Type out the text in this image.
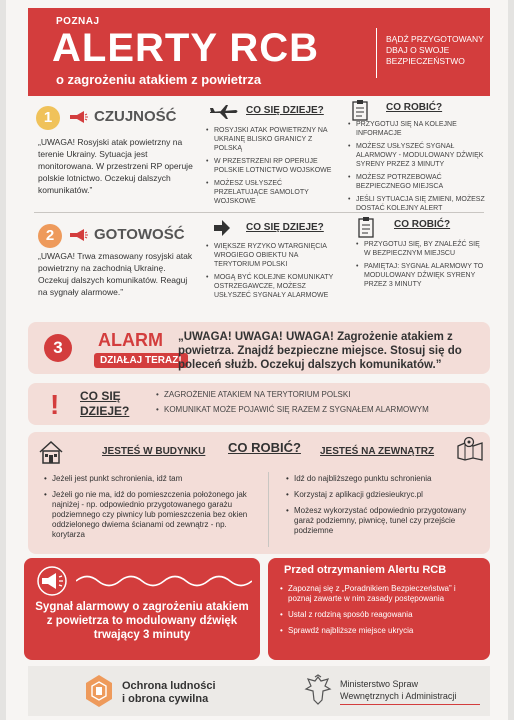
POZNAJ
ALERTY RCB
o zagrożeniu atakiem z powietrza
BĄDŹ PRZYGOTOWANY DBAJ O SWOJE BEZPIECZEŃSTWO
1	CZUJNOŚĆ
„UWAGA! Rosyjski atak powietrzny na terenie Ukrainy. Sytuacja jest monitorowana. W przestrzeni RP operuje polskie lotnictwo. Oczekuj dalszych komunikatów.”
CO SIĘ DZIEJE?
• ROSYJSKI ATAK POWIETRZNY NA UKRAINĘ BLISKO GRANICY Z POLSKĄ
• W PRZESTRZENI RP OPERUJE POLSKIE LOTNICTWO WOJSKOWE
• MOŻESZ USŁYSZEĆ PRZELATUJĄCE SAMOLOTY WOJSKOWE
CO ROBIĆ?
• PRZYGOTUJ SIĘ NA KOLEJNE INFORMACJE
• MOŻESZ USŁYSZEĆ SYGNAŁ ALARMOWY - MODULOWANY DŹWIĘK SYRENY PRZEZ 3 MINUTY
• MOŻESZ POTRZEBOWAĆ BEZPIECZNEGO MIEJSCA
• JEŚLI SYTUACJA SIĘ ZMIENI, MOŻESZ DOSTAĆ KOLEJNY ALERT
2	GOTOWOŚĆ
„UWAGA! Trwa zmasowany rosyjski atak powietrzny na zachodnią Ukrainę. Oczekuj dalszych komunikatów. Reaguj na sygnały alarmowe.”
CO SIĘ DZIEJE?
• WIĘKSZE RYZYKO WTARGNIĘCIA WROGIEGO OBIEKTU NA TERYTORIUM POLSKI
• MOGĄ BYĆ KOLEJNE KOMUNIKATY OSTRZEGAWCZE, MOŻESZ USŁYSZEĆ SYGNAŁY ALARMOWE
CO ROBIĆ?
• PRZYGOTUJ SIĘ, BY ZNALEŹĆ SIĘ W BEZPIECZNYM MIEJSCU
• PAMIĘTAJ: SYGNAŁ ALARMOWY TO MODULOWANY DŹWIĘK SYRENY PRZEZ 3 MINUTY
3	ALARM
DZIAŁAJ TERAZ!
„UWAGA! UWAGA! UWAGA! Zagrożenie atakiem z powietrza. Znajdź bezpieczne miejsce. Stosuj się do poleceń służb. Oczekuj dalszych komunikatów.”
! CO SIĘ
DZIEJE?
• ZAGROŻENIE ATAKIEM NA TERYTORIUM POLSKI
• KOMUNIKAT MOŻE POJAWIĆ SIĘ RAZEM Z SYGNAŁEM ALARMOWYM
JESTEŚ W BUDYNKU CO ROBIĆ? JESTEŚ NA ZEWNĄTRZ
• Jeżeli jest punkt schronienia, idź tam
• Jeżeli go nie ma, idź do pomieszczenia położonego jak najniżej - np. odpowiednio przygotowanego garażu podziemnego czy piwnicy lub pomieszczenia bez okien oddzielonego dwiema ścianami od zewnątrz - np. korytarza
• Idź do najbliższego punktu schronienia
• Korzystaj z aplikacji gdziesieukryc.pl
• Możesz wykorzystać odpowiednio przygotowany garaż podziemny, piwnicę, tunel czy przejście podziemne
Sygnał alarmowy o zagrożeniu atakiem z powietrza to modulowany dźwięk trwający 3 minuty
Przed otrzymaniem Alertu RCB
• Zapoznaj się z „Poradnikiem Bezpieczeństwa” i poznaj zawarte w nim zasady postępowania
• Ustal z rodziną sposób reagowania
• Sprawdź najbliższe miejsce ukrycia
Ochrona ludności
i obrona cywilna
Ministerstwo Spraw
Wewnętrznych i Administracji
